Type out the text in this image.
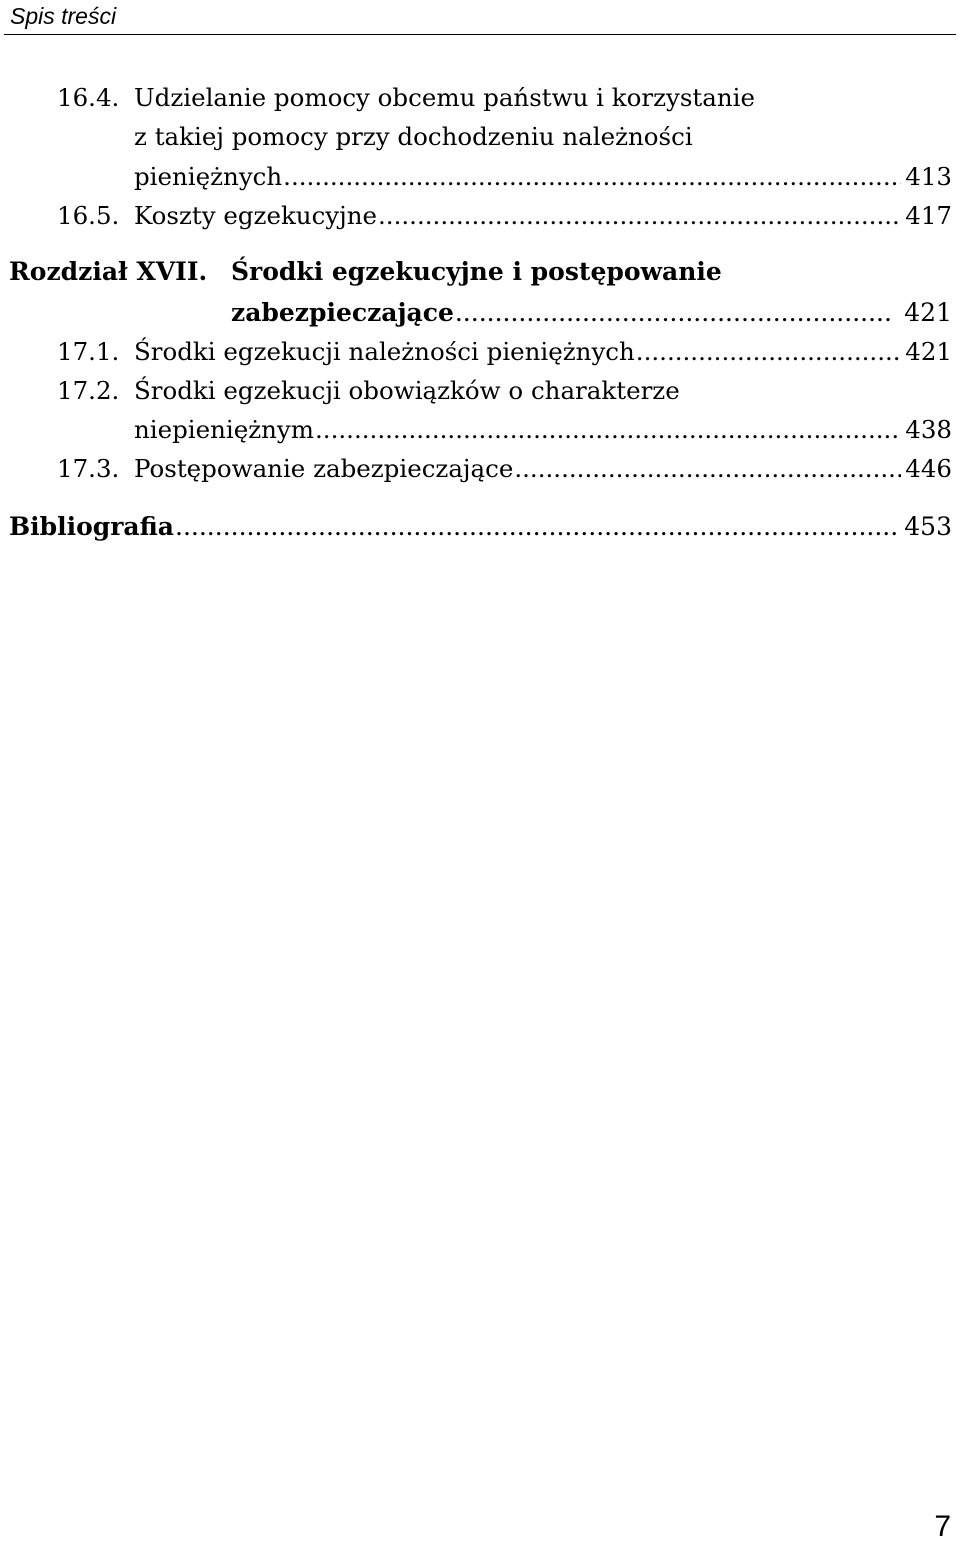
Spis treści
16.4. Udzielanie pomocy obcemu państwu i korzystanie
z takiej pomocy przy dochodzeniu należności
pieniężnych .....	413
16.5. Koszty egzekucyjne .....	417
Rozdział XVII. Środki egzekucyjne i postępowanie
zabezpieczające .....	421
17.1. Środki egzekucji należności pieniężnych .....	421
17.2. Środki egzekucji obowiązków o charakterze
niepieniężnym .....	438
17.3. Postępowanie zabezpieczające .....	446
Bibliografia .....	453
7
